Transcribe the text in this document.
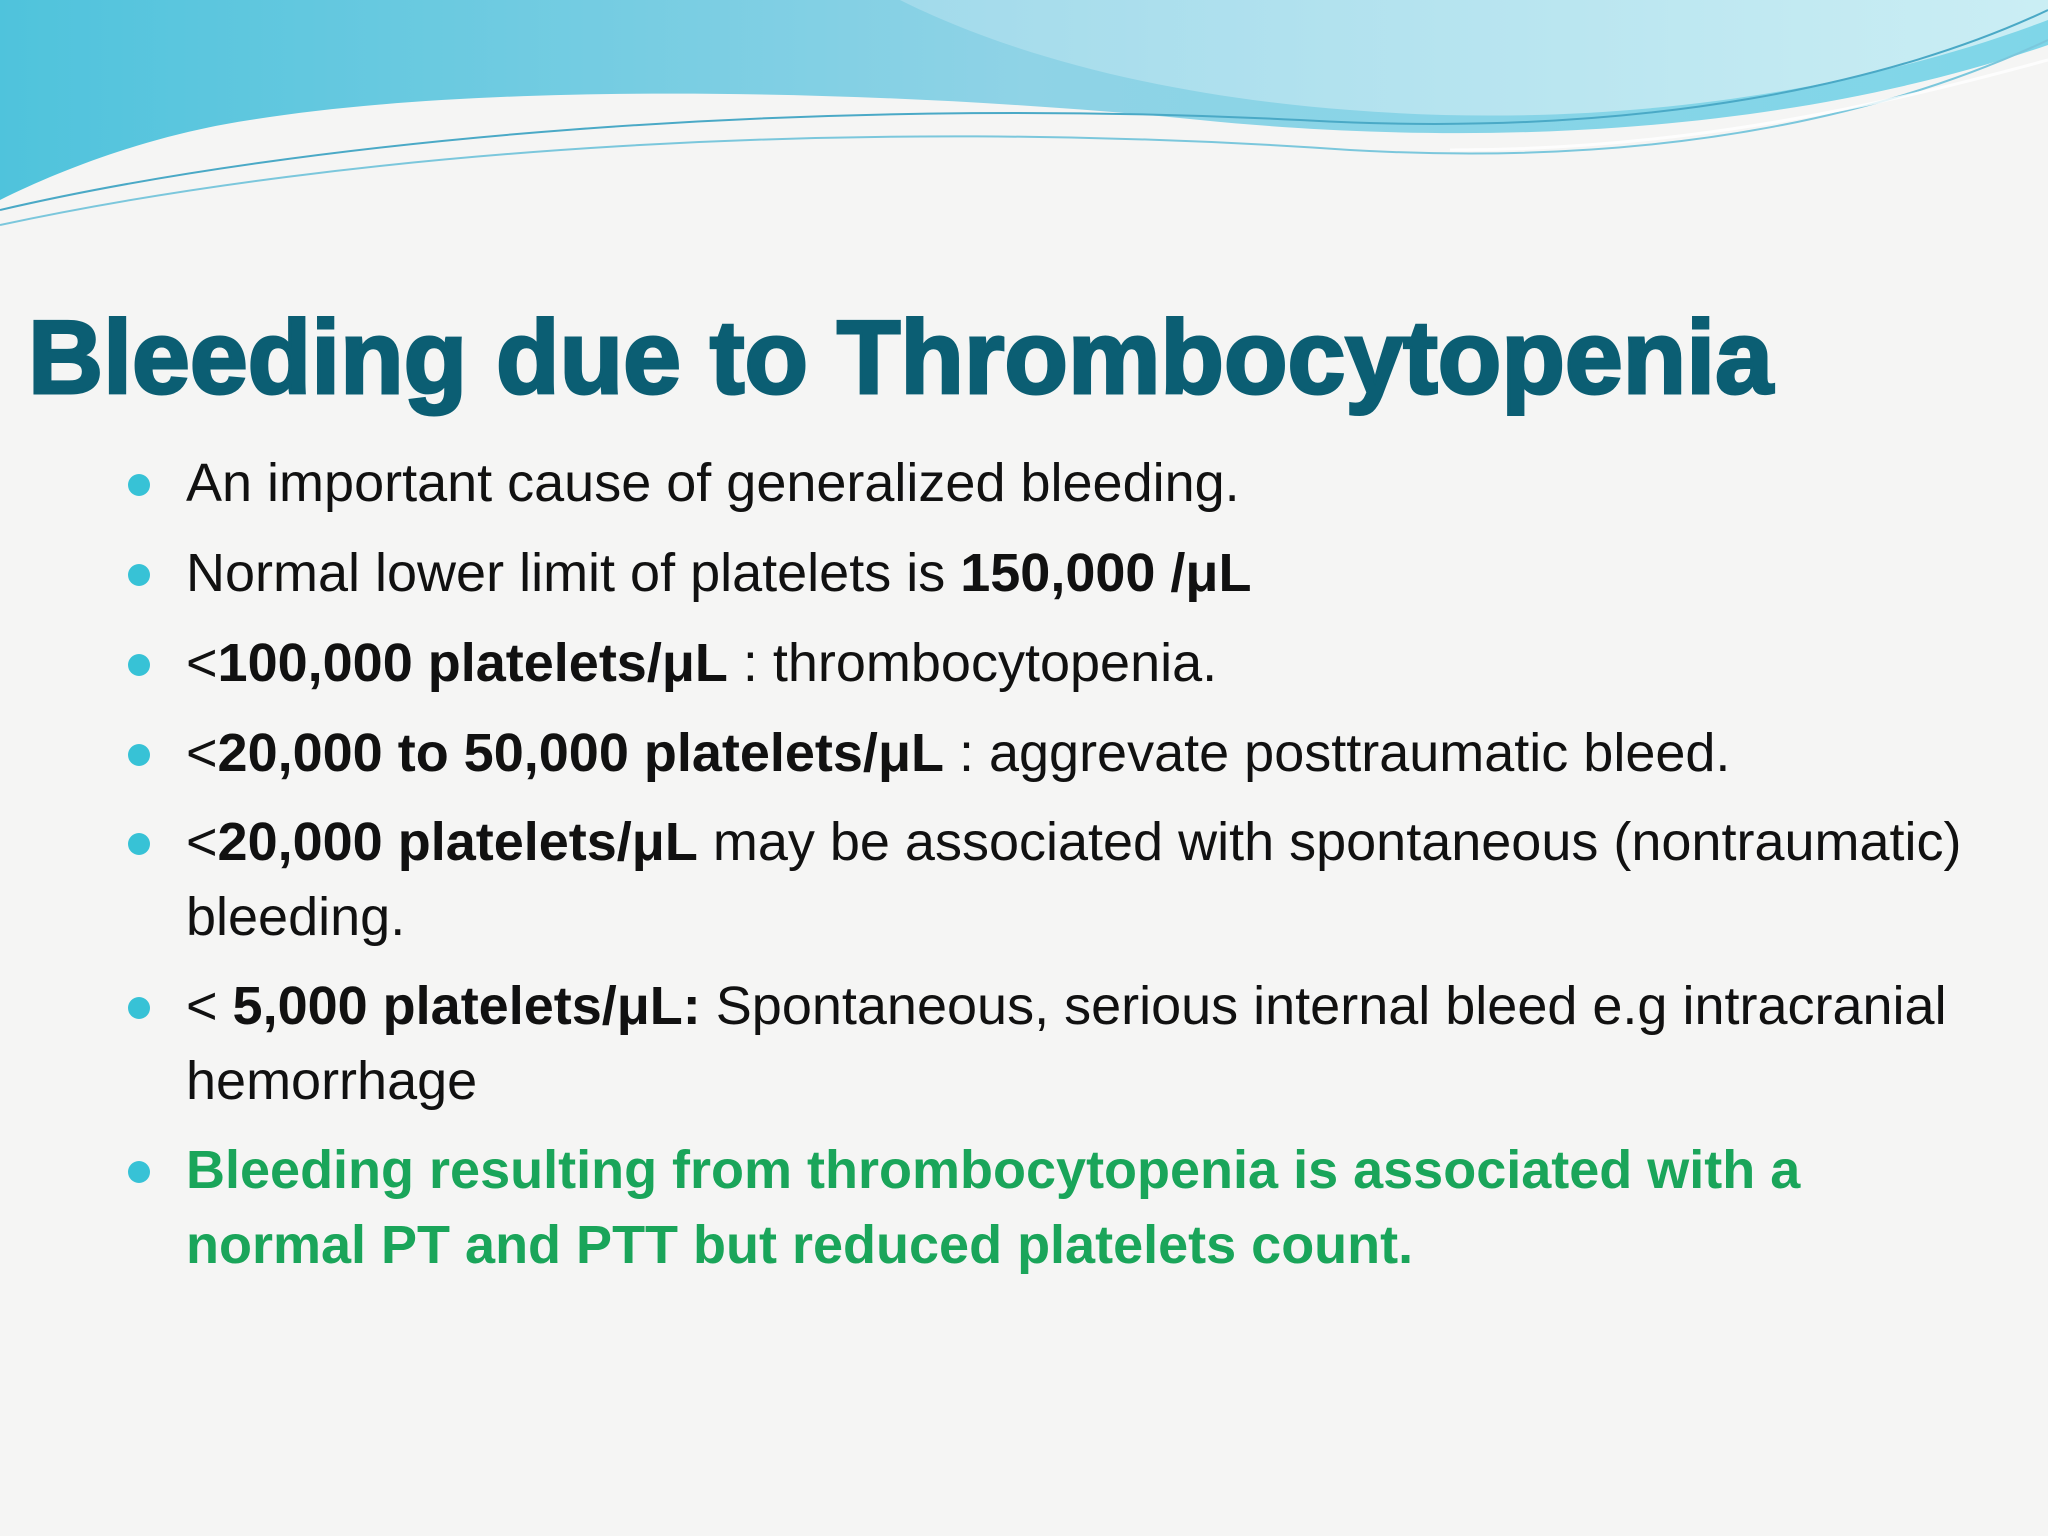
Bleeding due to Thrombocytopenia
An important cause of generalized bleeding.
Normal lower limit of platelets is 150,000 /μL
<100,000 platelets/μL : thrombocytopenia.
<20,000 to 50,000 platelets/μL : aggrevate posttraumatic bleed.
<20,000 platelets/μL may be associated with spontaneous (nontraumatic) bleeding.
< 5,000 platelets/μL: Spontaneous, serious internal bleed e.g intracranial hemorrhage
Bleeding resulting from thrombocytopenia is associated with a normal PT and PTT but reduced platelets count.
